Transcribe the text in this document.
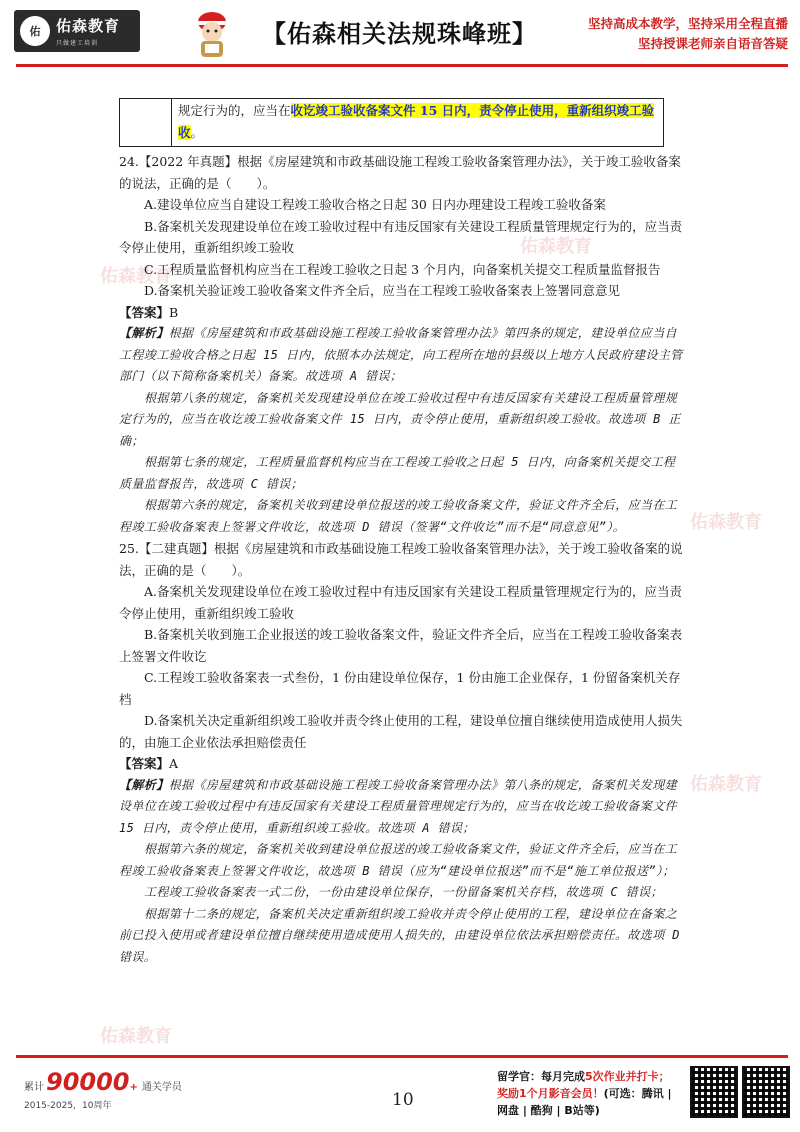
佑	佑森教育
只做建工培训	【佑森相关法规珠峰班】	坚持高成本教学，坚持采用全程直播
坚持授课老师亲自语音答疑
佑森教育
佑森教育
佑森教育
佑森教育
佑森教育
	规定行为的，应当在收讫竣工验收备案文件 15 日内，责令停止使用，重新组织竣工验收。

24.【2022 年真题】根据《房屋建筑和市政基础设施工程竣工验收备案管理办法》，关于竣工验收备案的说法，正确的是（　　）。

A.建设单位应当自建设工程竣工验收合格之日起 30 日内办理建设工程竣工验收备案

B.备案机关发现建设单位在竣工验收过程中有违反国家有关建设工程质量管理规定行为的，应当责令停止使用，重新组织竣工验收

C.工程质量监督机构应当在工程竣工验收之日起 3 个月内，向备案机关提交工程质量监督报告

D.备案机关验证竣工验收备案文件齐全后，应当在工程竣工验收备案表上签署同意意见

【答案】B

【解析】根据《房屋建筑和市政基础设施工程竣工验收备案管理办法》第四条的规定，建设单位应当自工程竣工验收合格之日起 15 日内，依照本办法规定，向工程所在地的县级以上地方人民政府建设主管部门（以下简称备案机关）备案。故选项 A 错误；

根据第八条的规定，备案机关发现建设单位在竣工验收过程中有违反国家有关建设工程质量管理规定行为的，应当在收讫竣工验收备案文件 15 日内，责令停止使用，重新组织竣工验收。故选项 B 正确；

根据第七条的规定，工程质量监督机构应当在工程竣工验收之日起 5 日内，向备案机关提交工程质量监督报告，故选项 C 错误；

根据第六条的规定，备案机关收到建设单位报送的竣工验收备案文件，验证文件齐全后，应当在工程竣工验收备案表上签署文件收讫，故选项 D 错误（签署“文件收讫”而不是“同意意见”）。

25.【二建真题】根据《房屋建筑和市政基础设施工程竣工验收备案管理办法》，关于竣工验收备案的说法，正确的是（　　）。

A.备案机关发现建设单位在竣工验收过程中有违反国家有关建设工程质量管理规定行为的，应当责令停止使用，重新组织竣工验收

B.备案机关收到施工企业报送的竣工验收备案文件，验证文件齐全后，应当在工程竣工验收备案表上签署文件收讫

C.工程竣工验收备案表一式叁份，1 份由建设单位保存，1 份由施工企业保存，1 份留备案机关存档

D.备案机关决定重新组织竣工验收并责令终止使用的工程，建设单位擅自继续使用造成使用人损失的，由施工企业依法承担赔偿责任

【答案】A

【解析】根据《房屋建筑和市政基础设施工程竣工验收备案管理办法》第八条的规定，备案机关发现建设单位在竣工验收过程中有违反国家有关建设工程质量管理规定行为的，应当在收讫竣工验收备案文件 15 日内，责令停止使用，重新组织竣工验收。故选项 A 错误；

根据第六条的规定，备案机关收到建设单位报送的竣工验收备案文件，验证文件齐全后，应当在工程竣工验收备案表上签署文件收讫，故选项 B 错误（应为“建设单位报送”而不是“施工单位报送”）；

工程竣工验收备案表一式二份，一份由建设单位保存，一份留备案机关存档，故选项 C 错误；

根据第十二条的规定，备案机关决定重新组织竣工验收并责令停止使用的工程，建设单位在备案之前已投入使用或者建设单位擅自继续使用造成使用人损失的，由建设单位依法承担赔偿责任。故选项 D 错误。

累计 90000 + 通关学员
2015-2025，10周年	10
留学官：每月完成5次作业并打卡；
奖励1个月影音会员！(可选：腾讯 |
网盘 | 酷狗 | B站等)
